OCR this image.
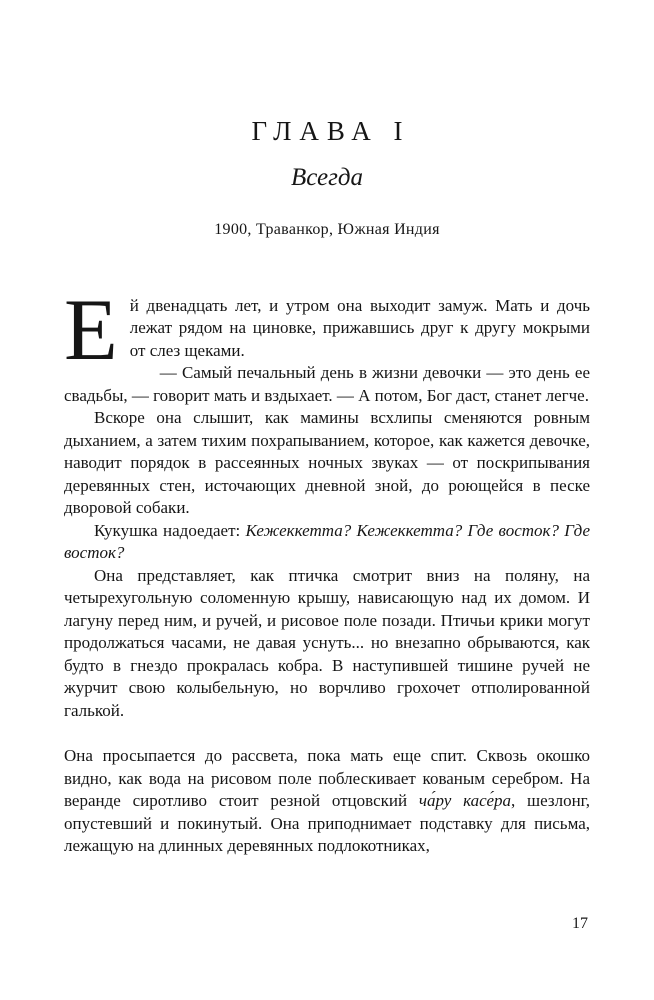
ГЛАВА I
Всегда
1900, Траванкор, Южная Индия

Ей двенадцать лет, и утром она выходит замуж. Мать и дочь лежат рядом на циновке, прижавшись друг к другу мокрыми от слез щеками.

— Самый печальный день в жизни девочки — это день ее свадьбы, — говорит мать и вздыхает. — А потом, Бог даст, станет легче.

Вскоре она слышит, как мамины всхлипы сменяются ровным дыханием, а затем тихим похрапыванием, которое, как кажется девочке, наводит порядок в рассеянных ночных звуках — от поскрипывания деревянных стен, источающих дневной зной, до роющейся в песке дворовой собаки.

Кукушка надоедает: Кежеккетта? Кежеккетта? Где восток? Где восток?

Она представляет, как птичка смотрит вниз на поляну, на четырехугольную соломенную крышу, нависающую над их домом. И лагуну перед ним, и ручей, и рисовое поле позади. Птичьи крики могут продолжаться часами, не давая уснуть... но внезапно обрываются, как будто в гнездо прокралась кобра. В наступившей тишине ручей не журчит свою колыбельную, но ворчливо грохочет отполированной галькой.

Она просыпается до рассвета, пока мать еще спит. Сквозь окошко видно, как вода на рисовом поле поблескивает кованым серебром. На веранде сиротливо стоит резной отцовский ча́ру касе́ра, шезлонг, опустевший и покинутый. Она приподнимает подставку для письма, лежащую на длинных деревянных подлокотниках,

17
